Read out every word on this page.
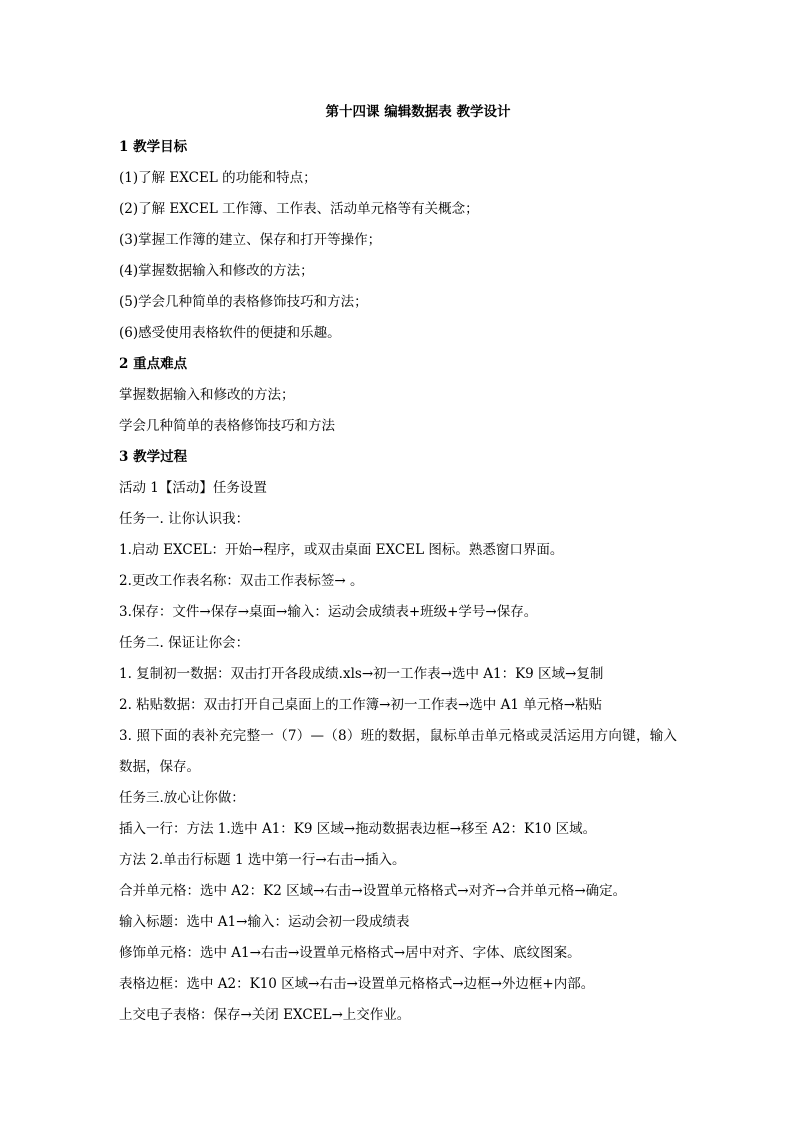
第十四课 编辑数据表 教学设计

1 教学目标

(1)了解 EXCEL 的功能和特点；

(2)了解 EXCEL 工作簿、工作表、活动单元格等有关概念；

(3)掌握工作簿的建立、保存和打开等操作；

(4)掌握数据输入和修改的方法；

(5)学会几种简单的表格修饰技巧和方法；

(6)感受使用表格软件的便捷和乐趣。

2 重点难点

掌握数据输入和修改的方法；

学会几种简单的表格修饰技巧和方法

3 教学过程

活动 1【活动】任务设置

任务一. 让你认识我：

1.启动 EXCEL：开始→程序，或双击桌面 EXCEL 图标。熟悉窗口界面。

2.更改工作表名称：双击工作表标签→ 。

3.保存：文件→保存→桌面→输入：运动会成绩表+班级+学号→保存。

任务二. 保证让你会：

1. 复制初一数据：双击打开各段成绩.xls→初一工作表→选中 A1：K9 区域→复制

2. 粘贴数据：双击打开自己桌面上的工作簿→初一工作表→选中 A1 单元格→粘贴

3. 照下面的表补充完整一（7）—（8）班的数据，鼠标单击单元格或灵活运用方向键，输入数据，保存。

任务三.放心让你做：

插入一行：方法 1.选中 A1：K9 区域→拖动数据表边框→移至 A2：K10 区域。

方法 2.单击行标题 1 选中第一行→右击→插入。

合并单元格：选中 A2：K2 区域→右击→设置单元格格式→对齐→合并单元格→确定。

输入标题：选中 A1→输入：运动会初一段成绩表

修饰单元格：选中 A1→右击→设置单元格格式→居中对齐、字体、底纹图案。

表格边框：选中 A2：K10 区域→右击→设置单元格格式→边框→外边框+内部。

上交电子表格：保存→关闭 EXCEL→上交作业。
